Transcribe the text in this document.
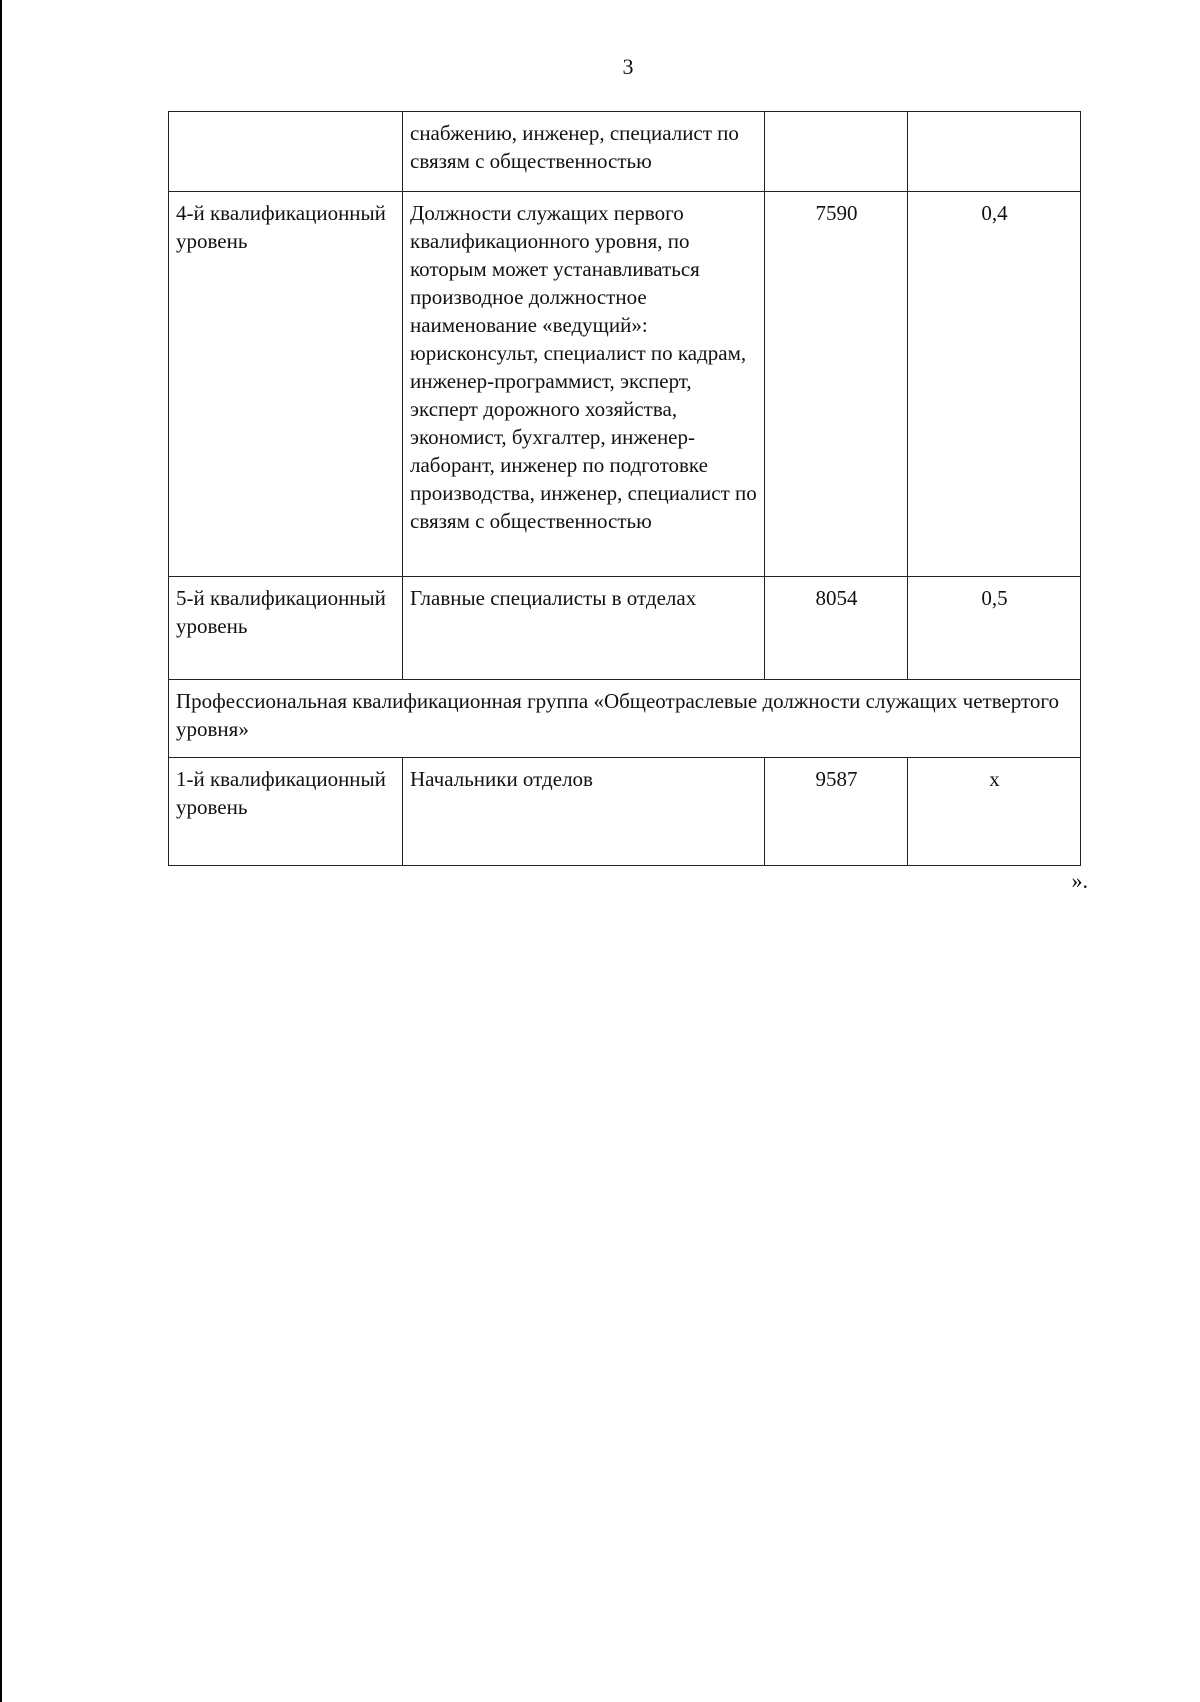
3
	снабжению, инженер, специалист по связям с общественностью		
4-й квалификационный уровень	Должности служащих первого квалификационного уровня, по которым может устанавливаться производное должностное наименование «ведущий»: юрисконсульт, специалист по кадрам, инженер-программист, эксперт, эксперт дорожного хозяйства, экономист, бухгалтер, инженер-лаборант, инженер по подготовке производства, инженер, специалист по связям с общественностью	7590	0,4
5-й квалификационный уровень	Главные специалисты в отделах	8054	0,5
Профессиональная квалификационная группа «Общеотраслевые должности служащих четвертого уровня»			
1-й квалификационный уровень	Начальники отделов	9587	х
».
